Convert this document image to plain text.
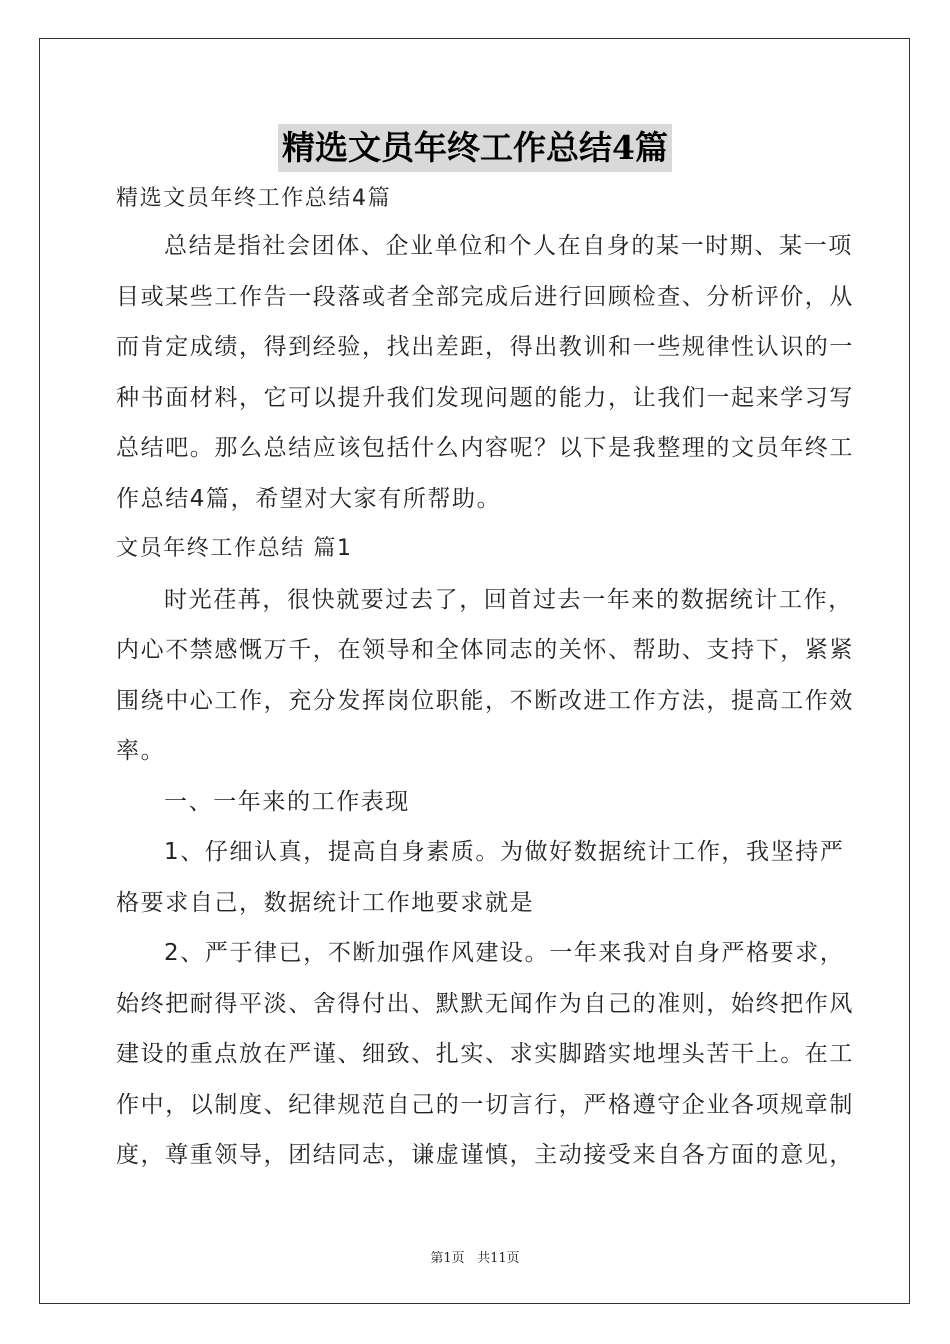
精选文员年终工作总结4篇
精选文员年终工作总结4篇
总结是指社会团体、企业单位和个人在自身的某一时期、某一项
目或某些工作告一段落或者全部完成后进行回顾检查、分析评价，从
而肯定成绩，得到经验，找出差距，得出教训和一些规律性认识的一
种书面材料，它可以提升我们发现问题的能力，让我们一起来学习写
总结吧。那么总结应该包括什么内容呢？以下是我整理的文员年终工
作总结4篇，希望对大家有所帮助。
文员年终工作总结 篇1
时光荏苒，很快就要过去了，回首过去一年来的数据统计工作，
内心不禁感慨万千，在领导和全体同志的关怀、帮助、支持下，紧紧
围绕中心工作，充分发挥岗位职能，不断改进工作方法，提高工作效
率。
一、一年来的工作表现
1、仔细认真，提高自身素质。为做好数据统计工作，我坚持严
格要求自己，数据统计工作地要求就是
2、严于律已，不断加强作风建设。一年来我对自身严格要求，
始终把耐得平淡、舍得付出、默默无闻作为自己的准则，始终把作风
建设的重点放在严谨、细致、扎实、求实脚踏实地埋头苦干上。在工
作中，以制度、纪律规范自己的一切言行，严格遵守企业各项规章制
度，尊重领导，团结同志，谦虚谨慎，主动接受来自各方面的意见，
第1页 共11页
